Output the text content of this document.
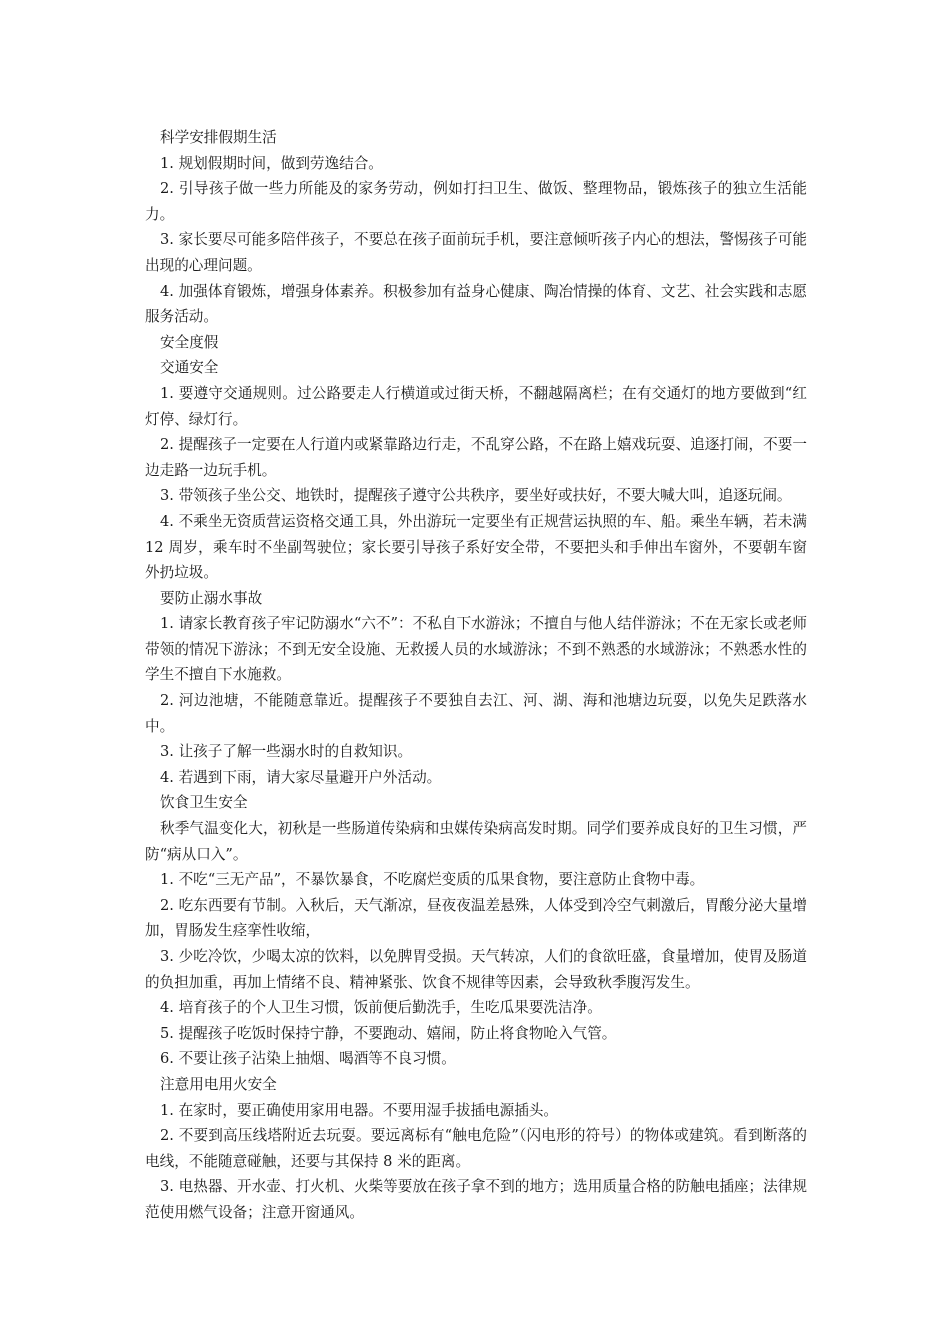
科学安排假期生活

1. 规划假期时间，做到劳逸结合。

2. 引导孩子做一些力所能及的家务劳动，例如打扫卫生、做饭、整理物品，锻炼孩子的独立生活能力。

3. 家长要尽可能多陪伴孩子，不要总在孩子面前玩手机，要注意倾听孩子内心的想法，警惕孩子可能出现的心理问题。

4. 加强体育锻炼，增强身体素养。积极参加有益身心健康、陶冶情操的体育、文艺、社会实践和志愿服务活动。

安全度假

交通安全

1. 要遵守交通规则。过公路要走人行横道或过街天桥，不翻越隔离栏；在有交通灯的地方要做到“红灯停、绿灯行。

2. 提醒孩子一定要在人行道内或紧靠路边行走，不乱穿公路，不在路上嬉戏玩耍、追逐打闹，不要一边走路一边玩手机。

3. 带领孩子坐公交、地铁时，提醒孩子遵守公共秩序，要坐好或扶好，不要大喊大叫，追逐玩闹。

4. 不乘坐无资质营运资格交通工具，外出游玩一定要坐有正规营运执照的车、船。乘坐车辆，若未满 12 周岁，乘车时不坐副驾驶位；家长要引导孩子系好安全带，不要把头和手伸出车窗外，不要朝车窗外扔垃圾。

要防止溺水事故

1. 请家长教育孩子牢记防溺水“六不”：不私自下水游泳；不擅自与他人结伴游泳；不在无家长或老师带领的情况下游泳；不到无安全设施、无救援人员的水域游泳；不到不熟悉的水域游泳；不熟悉水性的学生不擅自下水施救。

2. 河边池塘，不能随意靠近。提醒孩子不要独自去江、河、湖、海和池塘边玩耍，以免失足跌落水中。

3. 让孩子了解一些溺水时的自救知识。

4. 若遇到下雨，请大家尽量避开户外活动。

饮食卫生安全

秋季气温变化大，初秋是一些肠道传染病和虫媒传染病高发时期。同学们要养成良好的卫生习惯，严防“病从口入”。

1. 不吃“三无产品”，不暴饮暴食，不吃腐烂变质的瓜果食物，要注意防止食物中毒。

2. 吃东西要有节制。入秋后，天气渐凉，昼夜夜温差悬殊，人体受到冷空气刺激后，胃酸分泌大量增加，胃肠发生痉挛性收缩，

3. 少吃冷饮，少喝太凉的饮料，以免脾胃受损。天气转凉，人们的食欲旺盛，食量增加，使胃及肠道的负担加重，再加上情绪不良、精神紧张、饮食不规律等因素，会导致秋季腹泻发生。

4. 培育孩子的个人卫生习惯，饭前便后勤洗手，生吃瓜果要洗洁净。

5. 提醒孩子吃饭时保持宁静，不要跑动、嬉闹，防止将食物呛入气管。

6. 不要让孩子沾染上抽烟、喝酒等不良习惯。

注意用电用火安全

1. 在家时，要正确使用家用电器。不要用湿手拔插电源插头。

2. 不要到高压线塔附近去玩耍。要远离标有“触电危险”（闪电形的符号）的物体或建筑。看到断落的电线，不能随意碰触，还要与其保持 8 米的距离。

3. 电热器、开水壶、打火机、火柴等要放在孩子拿不到的地方；选用质量合格的防触电插座；法律规范使用燃气设备；注意开窗通风。
